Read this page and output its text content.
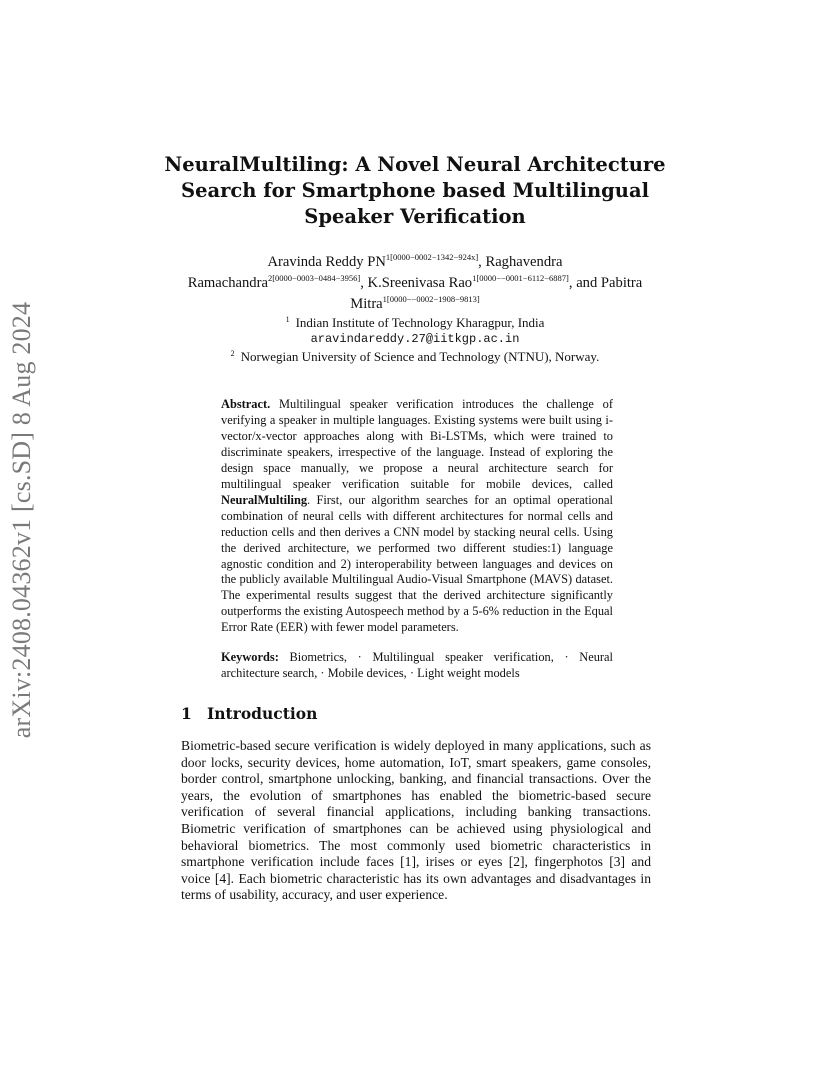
arXiv:2408.04362v1 [cs.SD] 8 Aug 2024
NeuralMultiling: A Novel Neural Architecture Search for Smartphone based Multilingual Speaker Verification
Aravinda Reddy $PN^{1[0000-0002-1342-924x]}$, Raghavendra Ramachandra$^{2[0000-0003-0484-3956]}$, K.Sreenivasa Rao$^{1[0000--0001-6112-6887]}$, and Pabitra Mitra$^{1[0000--0002-1908-9813]}$
$^1$ Indian Institute of Technology Kharagpur, India
aravindareddy.27@iitkgp.ac.in
$^2$ Norwegian University of Science and Technology (NTNU), Norway.
Abstract. Multilingual speaker verification introduces the challenge of verifying a speaker in multiple languages. Existing systems were built using i-vector/x-vector approaches along with Bi-LSTMs, which were trained to discriminate speakers, irrespective of the language. Instead of exploring the design space manually, we propose a neural architecture search for multilingual speaker verification suitable for mobile devices, called NeuralMultiling. First, our algorithm searches for an optimal operational combination of neural cells with different architectures for normal cells and reduction cells and then derives a CNN model by stacking neural cells. Using the derived architecture, we performed two different studies:1) language agnostic condition and 2) interoperability between languages and devices on the publicly available Multilingual Audio-Visual Smartphone (MAVS) dataset. The experimental results suggest that the derived architecture significantly outperforms the existing Autospeech method by a 5-6% reduction in the Equal Error Rate (EER) with fewer model parameters.
Keywords: Biometrics, · Multilingual speaker verification, · Neural architecture search, · Mobile devices, · Light weight models
1 Introduction
Biometric-based secure verification is widely deployed in many applications, such as door locks, security devices, home automation, IoT, smart speakers, game consoles, border control, smartphone unlocking, banking, and financial transactions. Over the years, the evolution of smartphones has enabled the biometric-based secure verification of several financial applications, including banking transactions. Biometric verification of smartphones can be achieved using physiological and behavioral biometrics. The most commonly used biometric characteristics in smartphone verification include faces [1], irises or eyes [2], fingerphotos [3] and voice [4]. Each biometric characteristic has its own advantages and disadvantages in terms of usability, accuracy, and user experience.
